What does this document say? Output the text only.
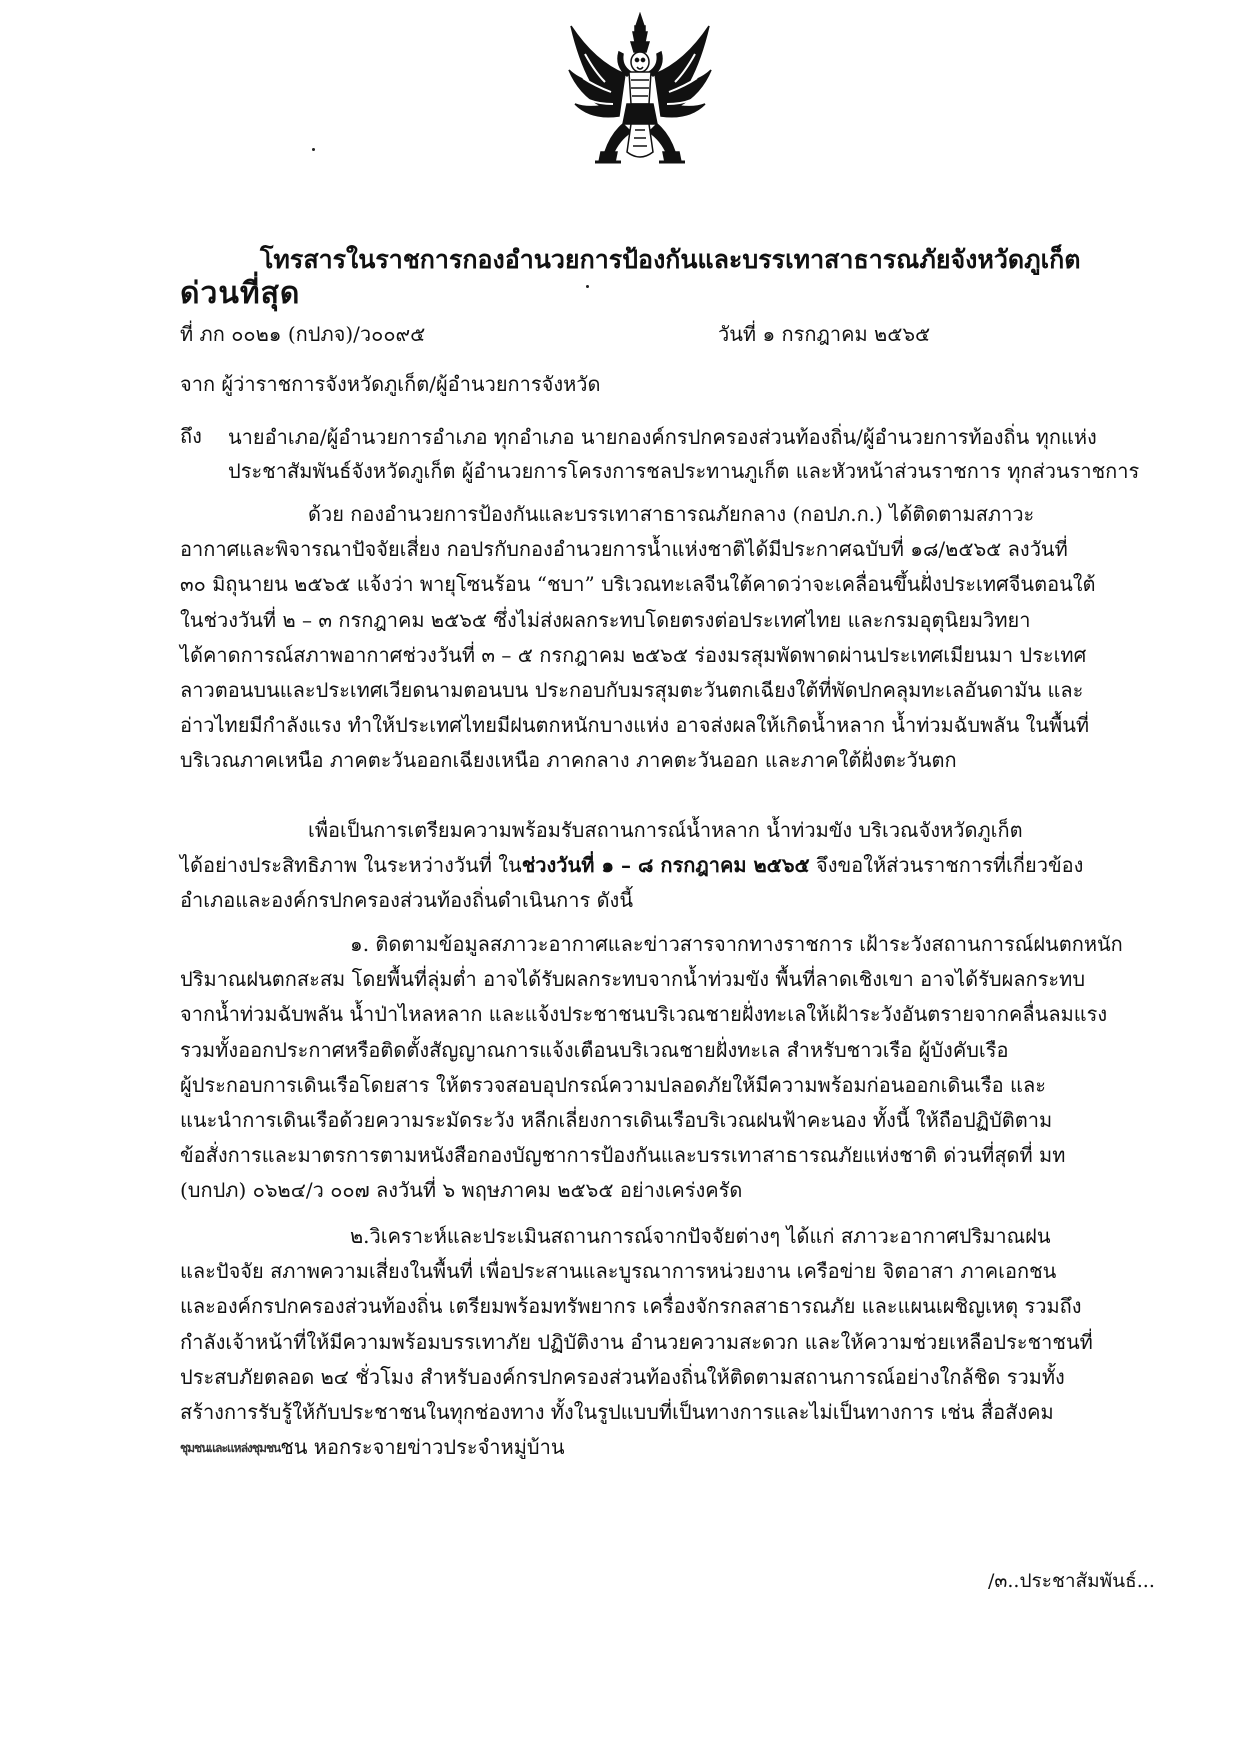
โทรสารในราชการกองอำนวยการป้องกันและบรรเทาสาธารณภัยจังหวัดภูเก็ต
ด่วนที่สุด
ที่ ภก ๐๐๒๑ (กปภจ)/ว๐๐๙๕	วันที่ ๑ กรกฎาคม ๒๕๖๕
จาก ผู้ว่าราชการจังหวัดภูเก็ต/ผู้อำนวยการจังหวัด
ถึง นายอำเภอ/ผู้อำนวยการอำเภอ ทุกอำเภอ นายกองค์กรปกครองส่วนท้องถิ่น/ผู้อำนวยการท้องถิ่น ทุกแห่ง
ประชาสัมพันธ์จังหวัดภูเก็ต ผู้อำนวยการโครงการชลประทานภูเก็ต และหัวหน้าส่วนราชการ ทุกส่วนราชการ
ด้วย กองอำนวยการป้องกันและบรรเทาสาธารณภัยกลาง (กอปภ.ก.) ได้ติดตามสภาวะ
อากาศและพิจารณาปัจจัยเสี่ยง กอปรกับกองอำนวยการน้ำแห่งชาติได้มีประกาศฉบับที่ ๑๘/๒๕๖๕ ลงวันที่
๓๐ มิถุนายน ๒๕๖๕ แจ้งว่า พายุโซนร้อน “ชบา” บริเวณทะเลจีนใต้คาดว่าจะเคลื่อนขึ้นฝั่งประเทศจีนตอนใต้
ในช่วงวันที่ ๒ – ๓ กรกฎาคม ๒๕๖๕ ซึ่งไม่ส่งผลกระทบโดยตรงต่อประเทศไทย และกรมอุตุนิยมวิทยา
ได้คาดการณ์สภาพอากาศช่วงวันที่ ๓ – ๕ กรกฎาคม ๒๕๖๕ ร่องมรสุมพัดพาดผ่านประเทศเมียนมา ประเทศ
ลาวตอนบนและประเทศเวียดนามตอนบน ประกอบกับมรสุมตะวันตกเฉียงใต้ที่พัดปกคลุมทะเลอันดามัน และ
อ่าวไทยมีกำลังแรง ทำให้ประเทศไทยมีฝนตกหนักบางแห่ง อาจส่งผลให้เกิดน้ำหลาก น้ำท่วมฉับพลัน ในพื้นที่
บริเวณภาคเหนือ ภาคตะวันออกเฉียงเหนือ ภาคกลาง ภาคตะวันออก และภาคใต้ฝั่งตะวันตก
เพื่อเป็นการเตรียมความพร้อมรับสถานการณ์น้ำหลาก น้ำท่วมขัง บริเวณจังหวัดภูเก็ต
ได้อย่างประสิทธิภาพ ในระหว่างวันที่ ในช่วงวันที่ ๑ – ๘ กรกฎาคม ๒๕๖๕ จึงขอให้ส่วนราชการที่เกี่ยวข้อง
อำเภอและองค์กรปกครองส่วนท้องถิ่นดำเนินการ ดังนี้
๑. ติดตามข้อมูลสภาวะอากาศและข่าวสารจากทางราชการ เฝ้าระวังสถานการณ์ฝนตกหนัก
ปริมาณฝนตกสะสม โดยพื้นที่ลุ่มต่ำ อาจได้รับผลกระทบจากน้ำท่วมขัง พื้นที่ลาดเชิงเขา อาจได้รับผลกระทบ
จากน้ำท่วมฉับพลัน น้ำป่าไหลหลาก และแจ้งประชาชนบริเวณชายฝั่งทะเลให้เฝ้าระวังอันตรายจากคลื่นลมแรง
รวมทั้งออกประกาศหรือติดตั้งสัญญาณการแจ้งเตือนบริเวณชายฝั่งทะเล สำหรับชาวเรือ ผู้บังคับเรือ
ผู้ประกอบการเดินเรือโดยสาร ให้ตรวจสอบอุปกรณ์ความปลอดภัยให้มีความพร้อมก่อนออกเดินเรือ และ
แนะนำการเดินเรือด้วยความระมัดระวัง หลีกเลี่ยงการเดินเรือบริเวณฝนฟ้าคะนอง ทั้งนี้ ให้ถือปฏิบัติตาม
ข้อสั่งการและมาตรการตามหนังสือกองบัญชาการป้องกันและบรรเทาสาธารณภัยแห่งชาติ ด่วนที่สุดที่ มท
(บกปภ) ๐๖๒๔/ว ๐๐๗ ลงวันที่ ๖ พฤษภาคม ๒๕๖๕ อย่างเคร่งครัด
๒.วิเคราะห์และประเมินสถานการณ์จากปัจจัยต่างๆ ได้แก่ สภาวะอากาศปริมาณฝน
และปัจจัย สภาพความเสี่ยงในพื้นที่ เพื่อประสานและบูรณาการหน่วยงาน เครือข่าย จิตอาสา ภาคเอกชน
และองค์กรปกครองส่วนท้องถิ่น เตรียมพร้อมทรัพยากร เครื่องจักรกลสาธารณภัย และแผนเผชิญเหตุ รวมถึง
กำลังเจ้าหน้าที่ให้มีความพร้อมบรรเทาภัย ปฏิบัติงาน อำนวยความสะดวก และให้ความช่วยเหลือประชาชนที่
ประสบภัยตลอด ๒๔ ชั่วโมง สำหรับองค์กรปกครองส่วนท้องถิ่นให้ติดตามสถานการณ์อย่างใกล้ชิด รวมทั้ง
สร้างการรับรู้ให้กับประชาชนในทุกช่องทาง ทั้งในรูปแบบที่เป็นทางการและไม่เป็นทางการ เช่น สื่อสังคม
ชุมชนและแหล่งชุมชนชน หอกระจายข่าวประจำหมู่บ้าน
/๓..ประชาสัมพันธ์...
